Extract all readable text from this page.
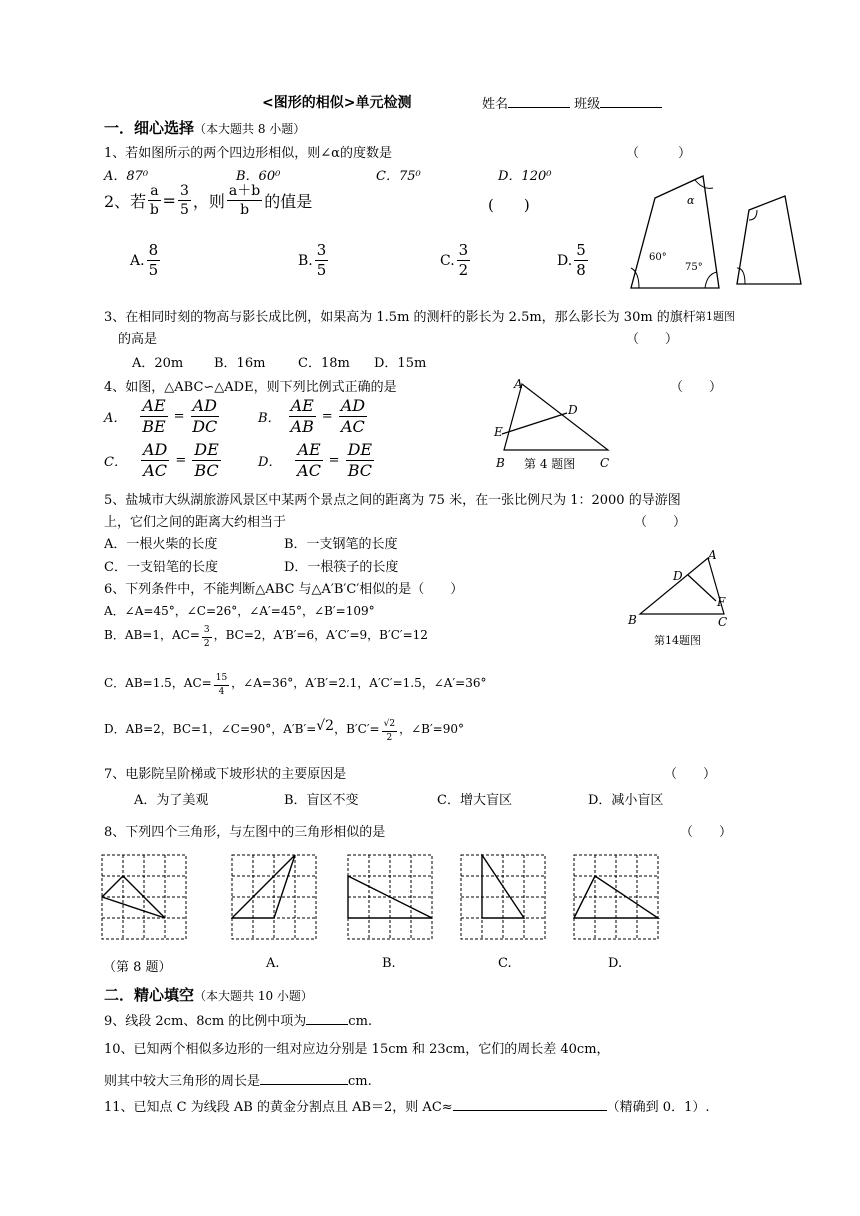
<图形的相似>单元检测	姓名	班级
一．细心选择（本大题共 8 小题）
1、若如图所示的两个四边形相似，则∠α的度数是	（　　　）
A．87⁰	B．60⁰	C．75⁰	D．120⁰
α
60°
75°
第1题图
2、若 $\frac{a}{b} = \frac{3}{5}$ ，则 $\frac{a+b}{b}$ 的值是	(　　)
A. $\frac{8}{5}$	B. $\frac{3}{5}$	C. $\frac{3}{2}$	D. $\frac{5}{8}$
3、在相同时刻的物高与影长成比例，如果高为 1.5m 的测杆的影长为 2.5m，那么影长为 30m 的旗杆
的高是	（　　）
A．20m B．16m	C．18m D．15m
4、如图，△ABC∽△ADE，则下列比例式正确的是	（　　）
A． $\frac{AE}{BE} = \frac{AD}{DC}$	B． $\frac{AE}{AB} = \frac{AD}{AC}$
C． $\frac{AD}{AC} = \frac{DE}{BC}$	D． $\frac{AE}{AC} = \frac{DE}{BC}$
A
D
E
B	C
第 4 题图
5、盐城市大纵湖旅游风景区中某两个景点之间的距离为 75 米，在一张比例尺为 1：2000 的导游图
上，它们之间的距离大约相当于	（　　）
A．一根火柴的长度	B．一支钢笔的长度
C．一支铅笔的长度	D．一根筷子的长度
6、下列条件中，不能判断△ABC 与△A′B′C′相似的是（　　）
A．∠A=45°，∠C=26°，∠A′=45°，∠B′=109°
B．AB=1，$AC= \frac{3}{2}$ ，BC=2，A′B′=6，A′C′=9，B′C′=12
C．AB=1.5，$AC= \frac{15}{4}$ ，∠A=36°，A′B′=2.1，A′C′=1.5，∠A′=36°
D．AB=2，BC=1，∠C=90°，A′B′= √2 ，$B'C'= \frac{√2}{2}$ ，∠B′=90°
A
D
F
B	C
第14题图
7、电影院呈阶梯或下坡形状的主要原因是	（　　）
A．为了美观	B．盲区不变	C．增大盲区	D．减小盲区
8、下列四个三角形，与左图中的三角形相似的是	（　　）
（第 8 题）	A.	B.	C.	D.
二．精心填空（本大题共 10 小题）
9、线段 2cm、8cm 的比例中项为	cm.
10、已知两个相似多边形的一组对应边分别是 15cm 和 23cm，它们的周长差 40cm，
则其中较大三角形的周长是	cm.
11、已知点 C 为线段 AB 的黄金分割点且 AB＝2，则 AC≈	（精确到 0．1）.
